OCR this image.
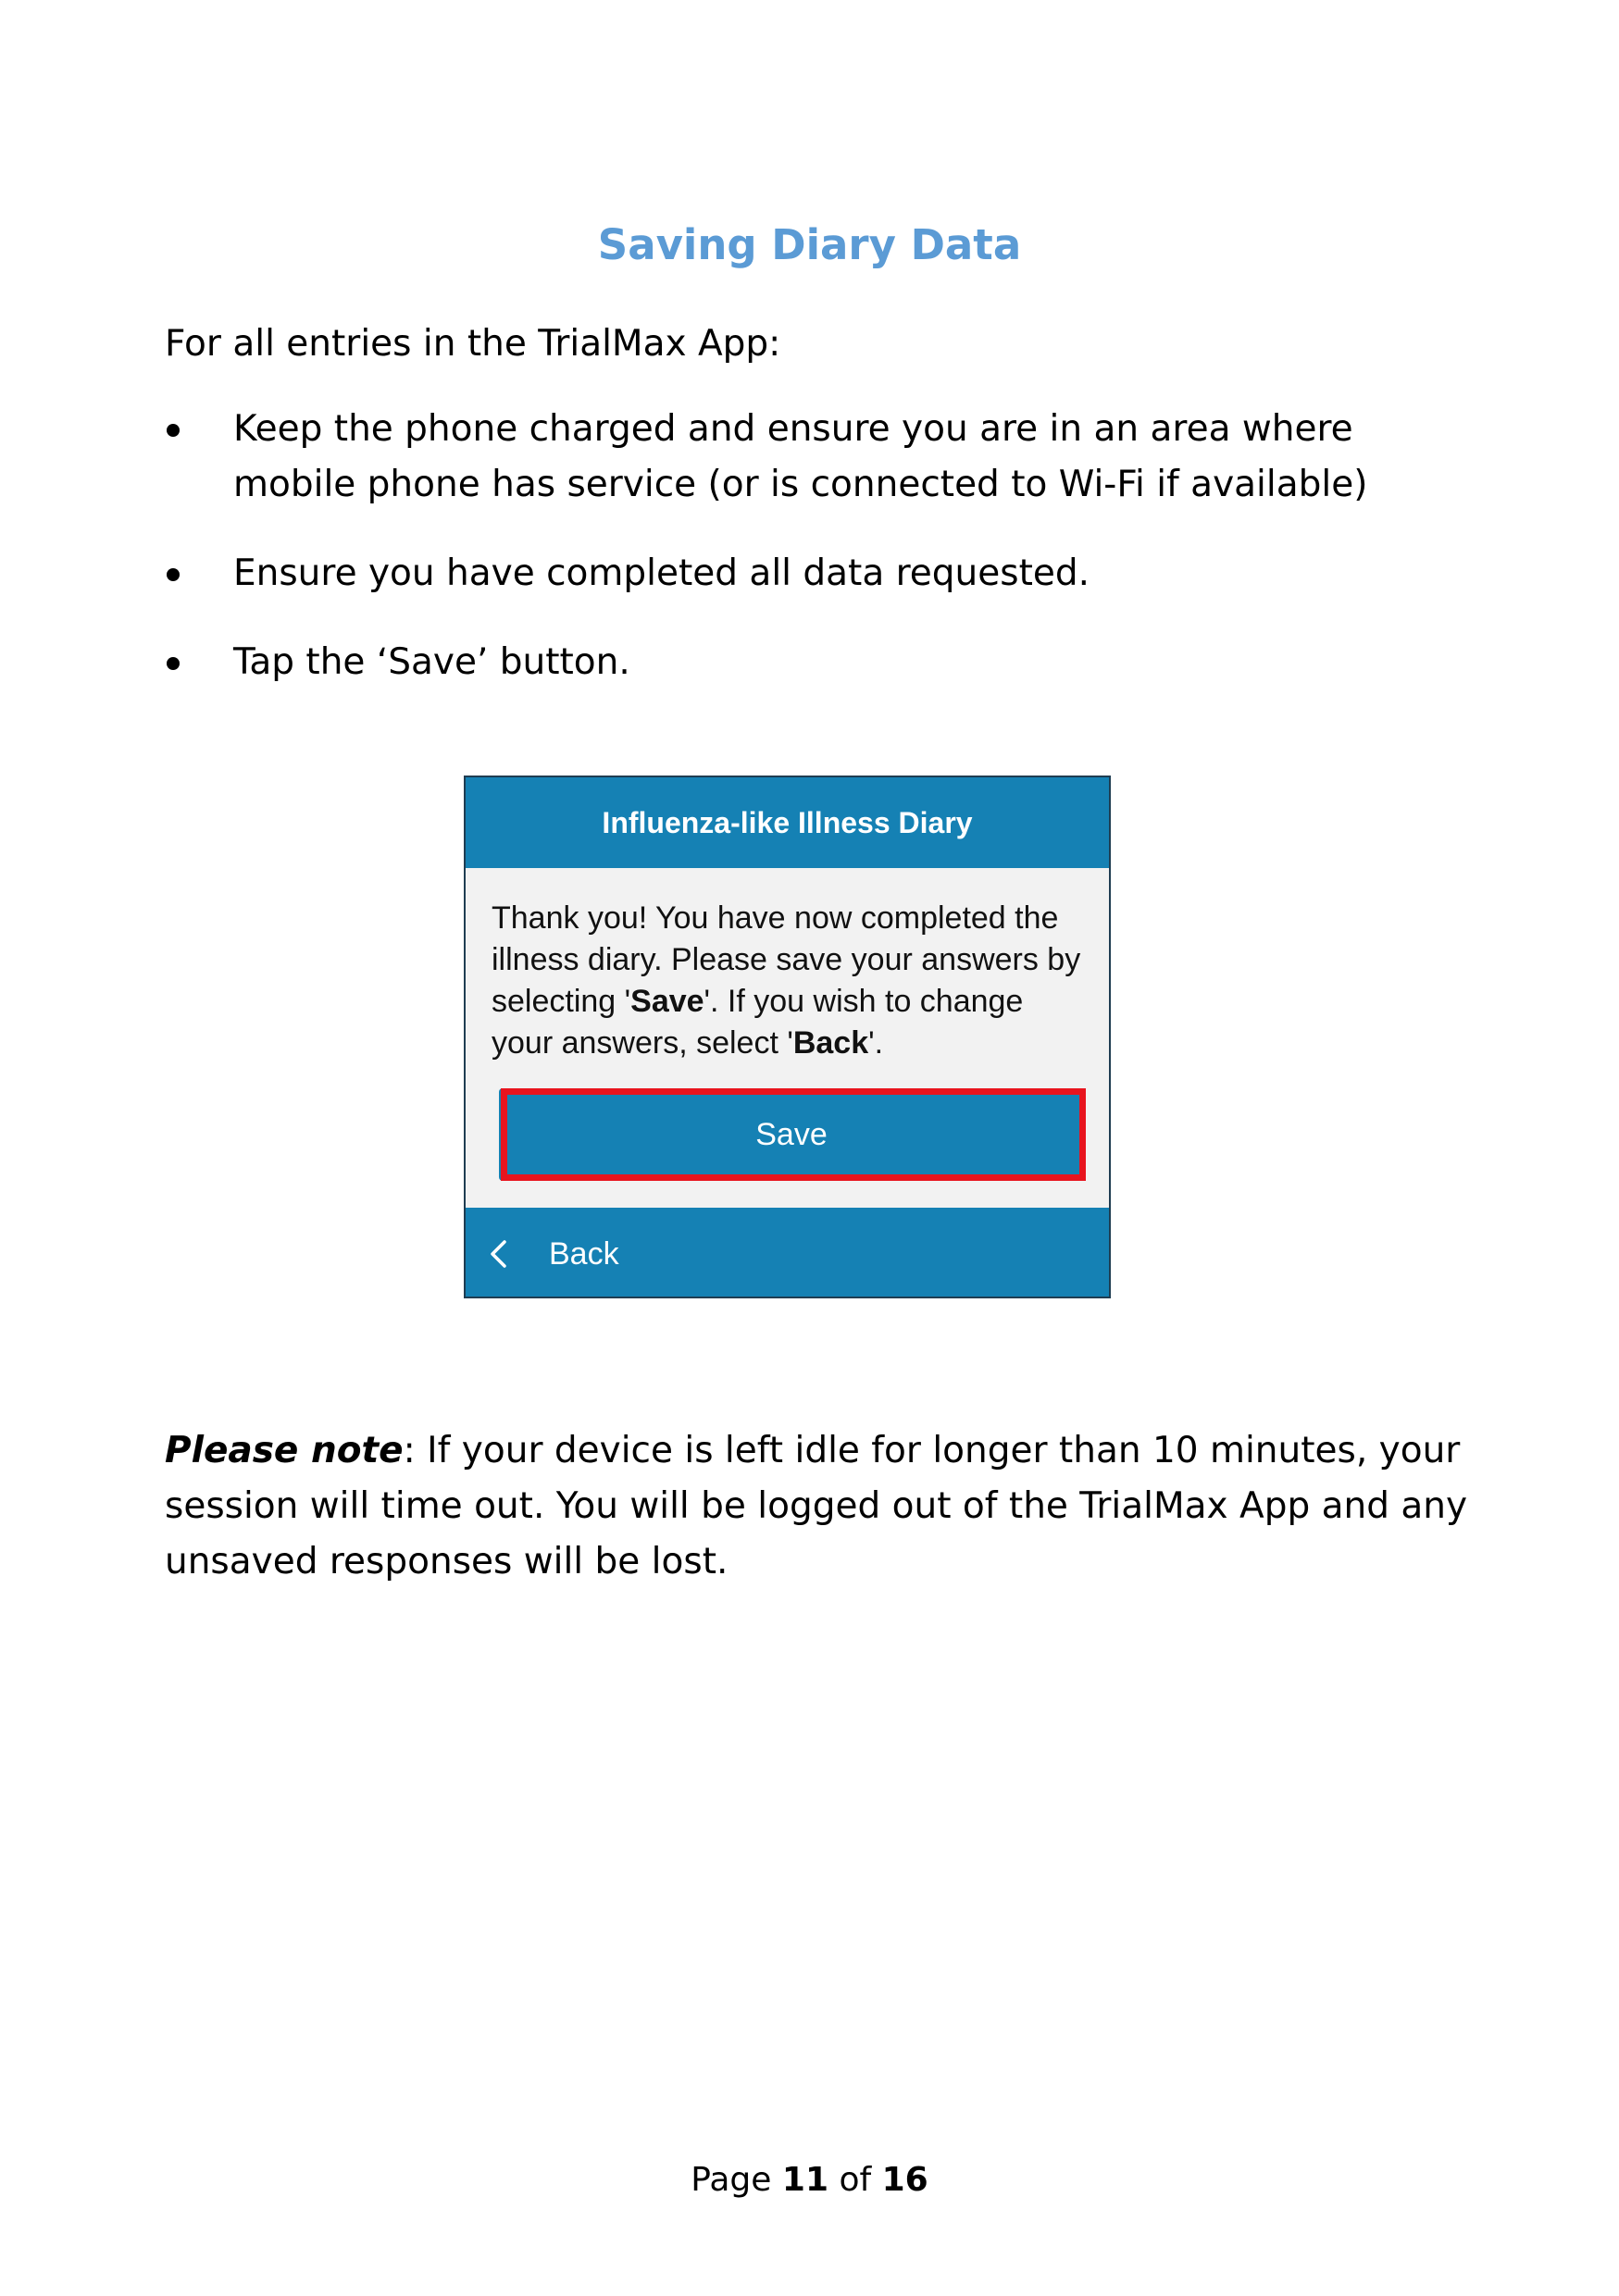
Saving Diary Data
For all entries in the TrialMax App:
Keep the phone charged and ensure you are in an area where mobile phone has service (or is connected to Wi-Fi if available)
Ensure you have completed all data requested.
Tap the ‘Save’ button.
Influenza-like Illness Diary
Thank you! You have now completed the illness diary. Please save your answers by selecting 'Save'. If you wish to change your answers, select 'Back'.
Save
Back
Please note: If your device is left idle for longer than 10 minutes, your session will time out. You will be logged out of the TrialMax App and any unsaved responses will be lost.
Page 11 of 16
